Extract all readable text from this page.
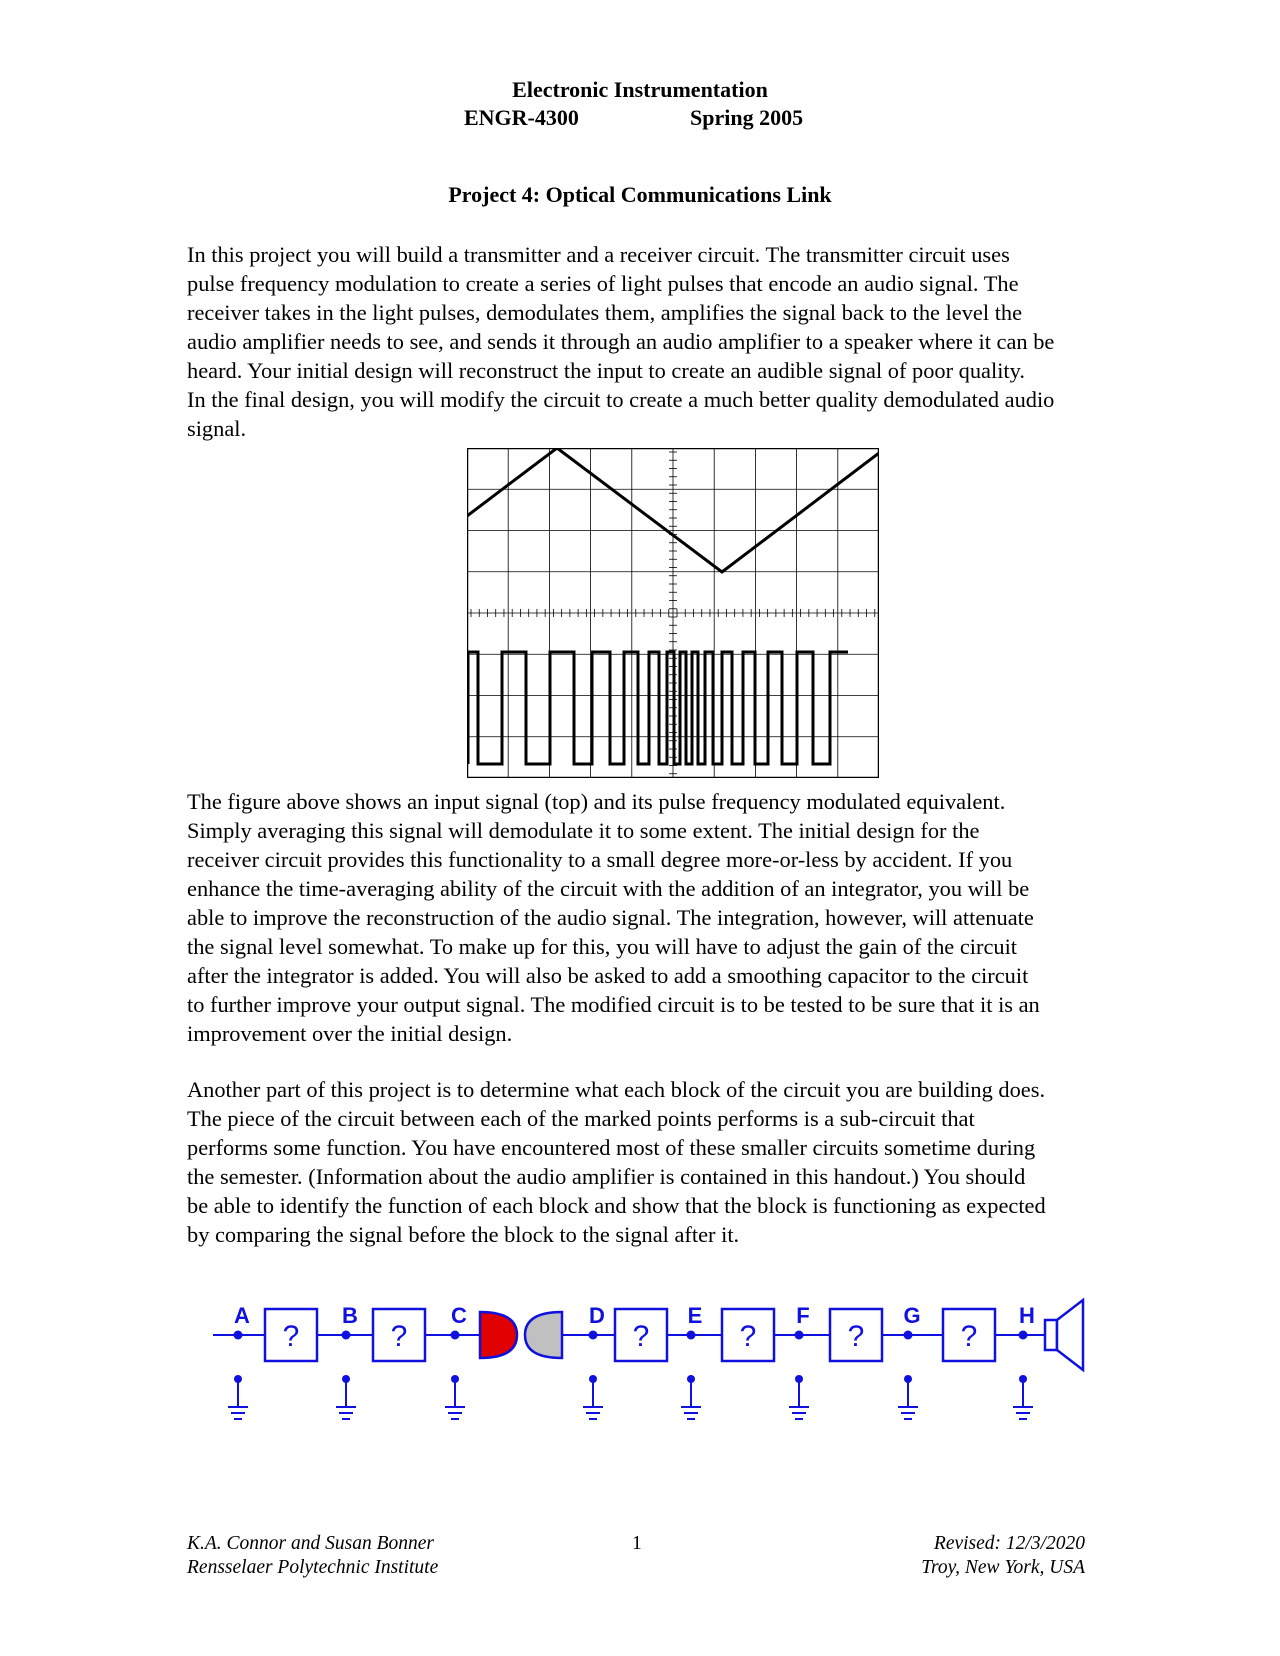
Electronic Instrumentation
ENGR-4300	Spring 2005
Project 4: Optical Communications Link
In this project you will build a transmitter and a receiver circuit. The transmitter circuit uses
pulse frequency modulation to create a series of light pulses that encode an audio signal. The
receiver takes in the light pulses, demodulates them, amplifies the signal back to the level the
audio amplifier needs to see, and sends it through an audio amplifier to a speaker where it can be
heard. Your initial design will reconstruct the input to create an audible signal of poor quality.
In the final design, you will modify the circuit to create a much better quality demodulated audio
signal.
The figure above shows an input signal (top) and its pulse frequency modulated equivalent.
Simply averaging this signal will demodulate it to some extent. The initial design for the
receiver circuit provides this functionality to a small degree more-or-less by accident. If you
enhance the time-averaging ability of the circuit with the addition of an integrator, you will be
able to improve the reconstruction of the audio signal. The integration, however, will attenuate
the signal level somewhat. To make up for this, you will have to adjust the gain of the circuit
after the integrator is added. You will also be asked to add a smoothing capacitor to the circuit
to further improve your output signal. The modified circuit is to be tested to be sure that it is an
improvement over the initial design.
Another part of this project is to determine what each block of the circuit you are building does.
The piece of the circuit between each of the marked points performs is a sub-circuit that
performs some function. You have encountered most of these smaller circuits sometime during
the semester. (Information about the audio amplifier is contained in this handout.) You should
be able to identify the function of each block and show that the block is functioning as expected
by comparing the signal before the block to the signal after it.
?	?	?	?	?	?
A	B	C	D	E	F	G	H
K.A. Connor and Susan Bonner
Rensselaer Polytechnic Institute
1	Revised: 12/3/2020
Troy, New York, USA
